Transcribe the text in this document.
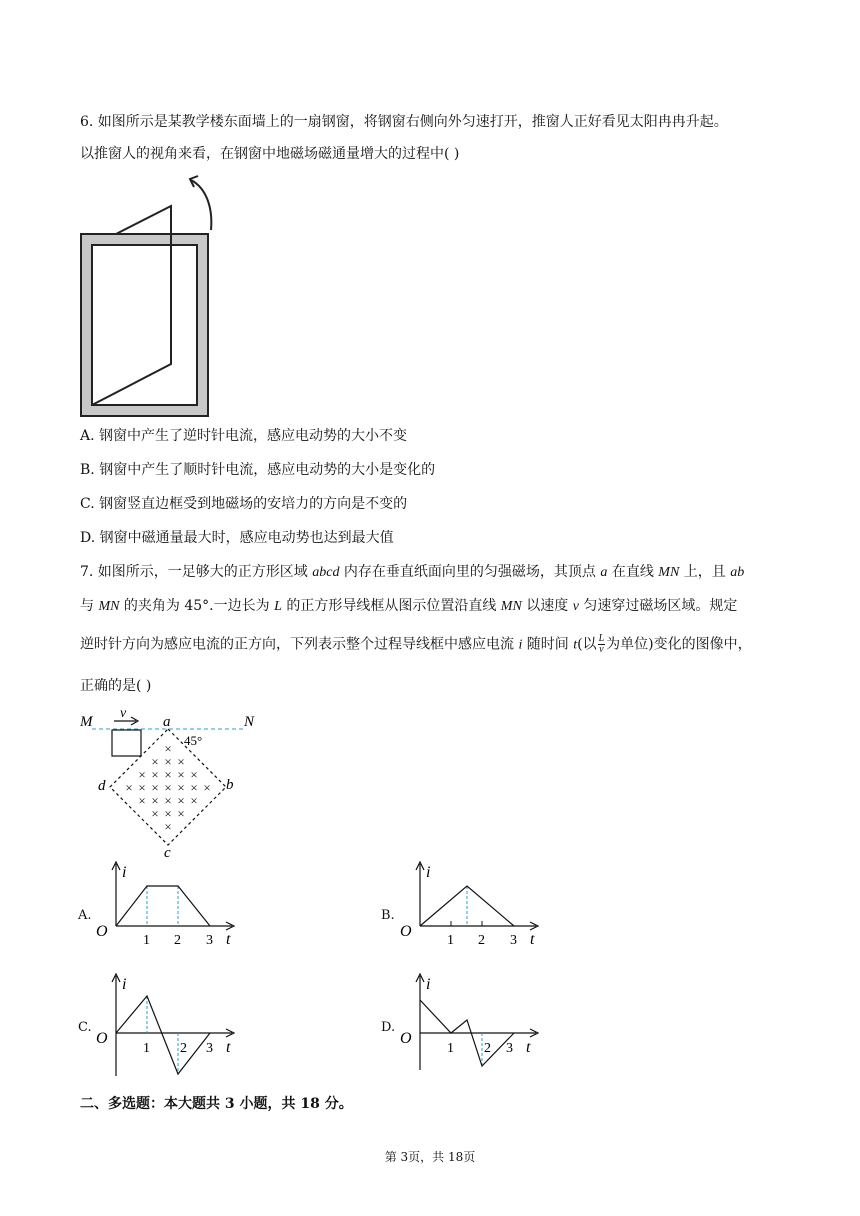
6. 如图所示是某教学楼东面墙上的一扇钢窗，将钢窗右侧向外匀速打开，推窗人正好看见太阳冉冉升起。
以推窗人的视角来看，在钢窗中地磁场磁通量增大的过程中( )
A. 钢窗中产生了逆时针电流，感应电动势的大小不变
B. 钢窗中产生了顺时针电流，感应电动势的大小是变化的
C. 钢窗竖直边框受到地磁场的安培力的方向是不变的
D. 钢窗中磁通量最大时，感应电动势也达到最大值
7. 如图所示，一足够大的正方形区域 abcd 内存在垂直纸面向里的匀强磁场，其顶点 a 在直线 MN 上，且 ab
与 MN 的夹角为 45°.一边长为 L 的正方形导线框从图示位置沿直线 MN 以速度 v 匀速穿过磁场区域。规定
逆时针方向为感应电流的正方向，下列表示整个过程导线框中感应电流 i 随时间 t(以 $\frac{L}{v}$ 为单位)变化的图像中，
正确的是( )
M	N
v
a
b
c
d
45°
×
× × ×
× × × × ×
× × × × × × ×
× × × × ×
× × ×
×
A.
i
O
1 2 3 t
B.
i
O
1 2 3 t
C.
i
O
1 2 3 t
D.
i
O
1 2 3 t
二、多选题：本大题共 3 小题，共 18 分。
第 3页，共 18页
